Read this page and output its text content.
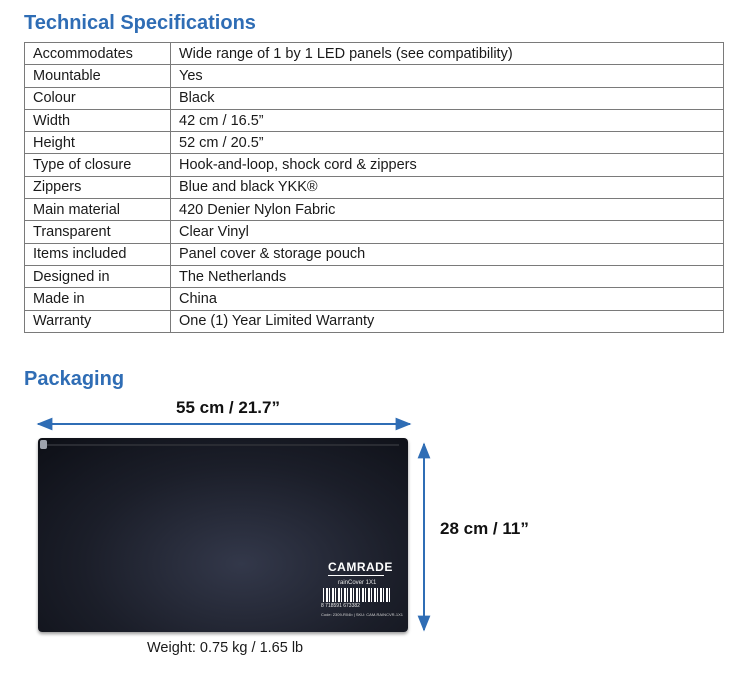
Technical Specifications
Accommodates	Wide range of 1 by 1 LED panels (see compatibility)
Mountable	Yes
Colour	Black
Width	42 cm / 16.5”
Height	52 cm / 20.5”
Type of closure	Hook-and-loop, shock cord & zippers
Zippers	Blue and black YKK®
Main material	420 Denier Nylon Fabric
Transparent	Clear Vinyl
Items included	Panel cover & storage pouch
Designed in	The Netherlands
Made in	China
Warranty	One (1) Year Limited Warranty
Packaging
55 cm / 21.7”
28 cm / 11”
CAMRADE
rainCover 1X1
8 718591 673382
Code: 2309-R04b | SKU: CAM-RAINCVR-1X1
Weight: 0.75 kg / 1.65 lb
